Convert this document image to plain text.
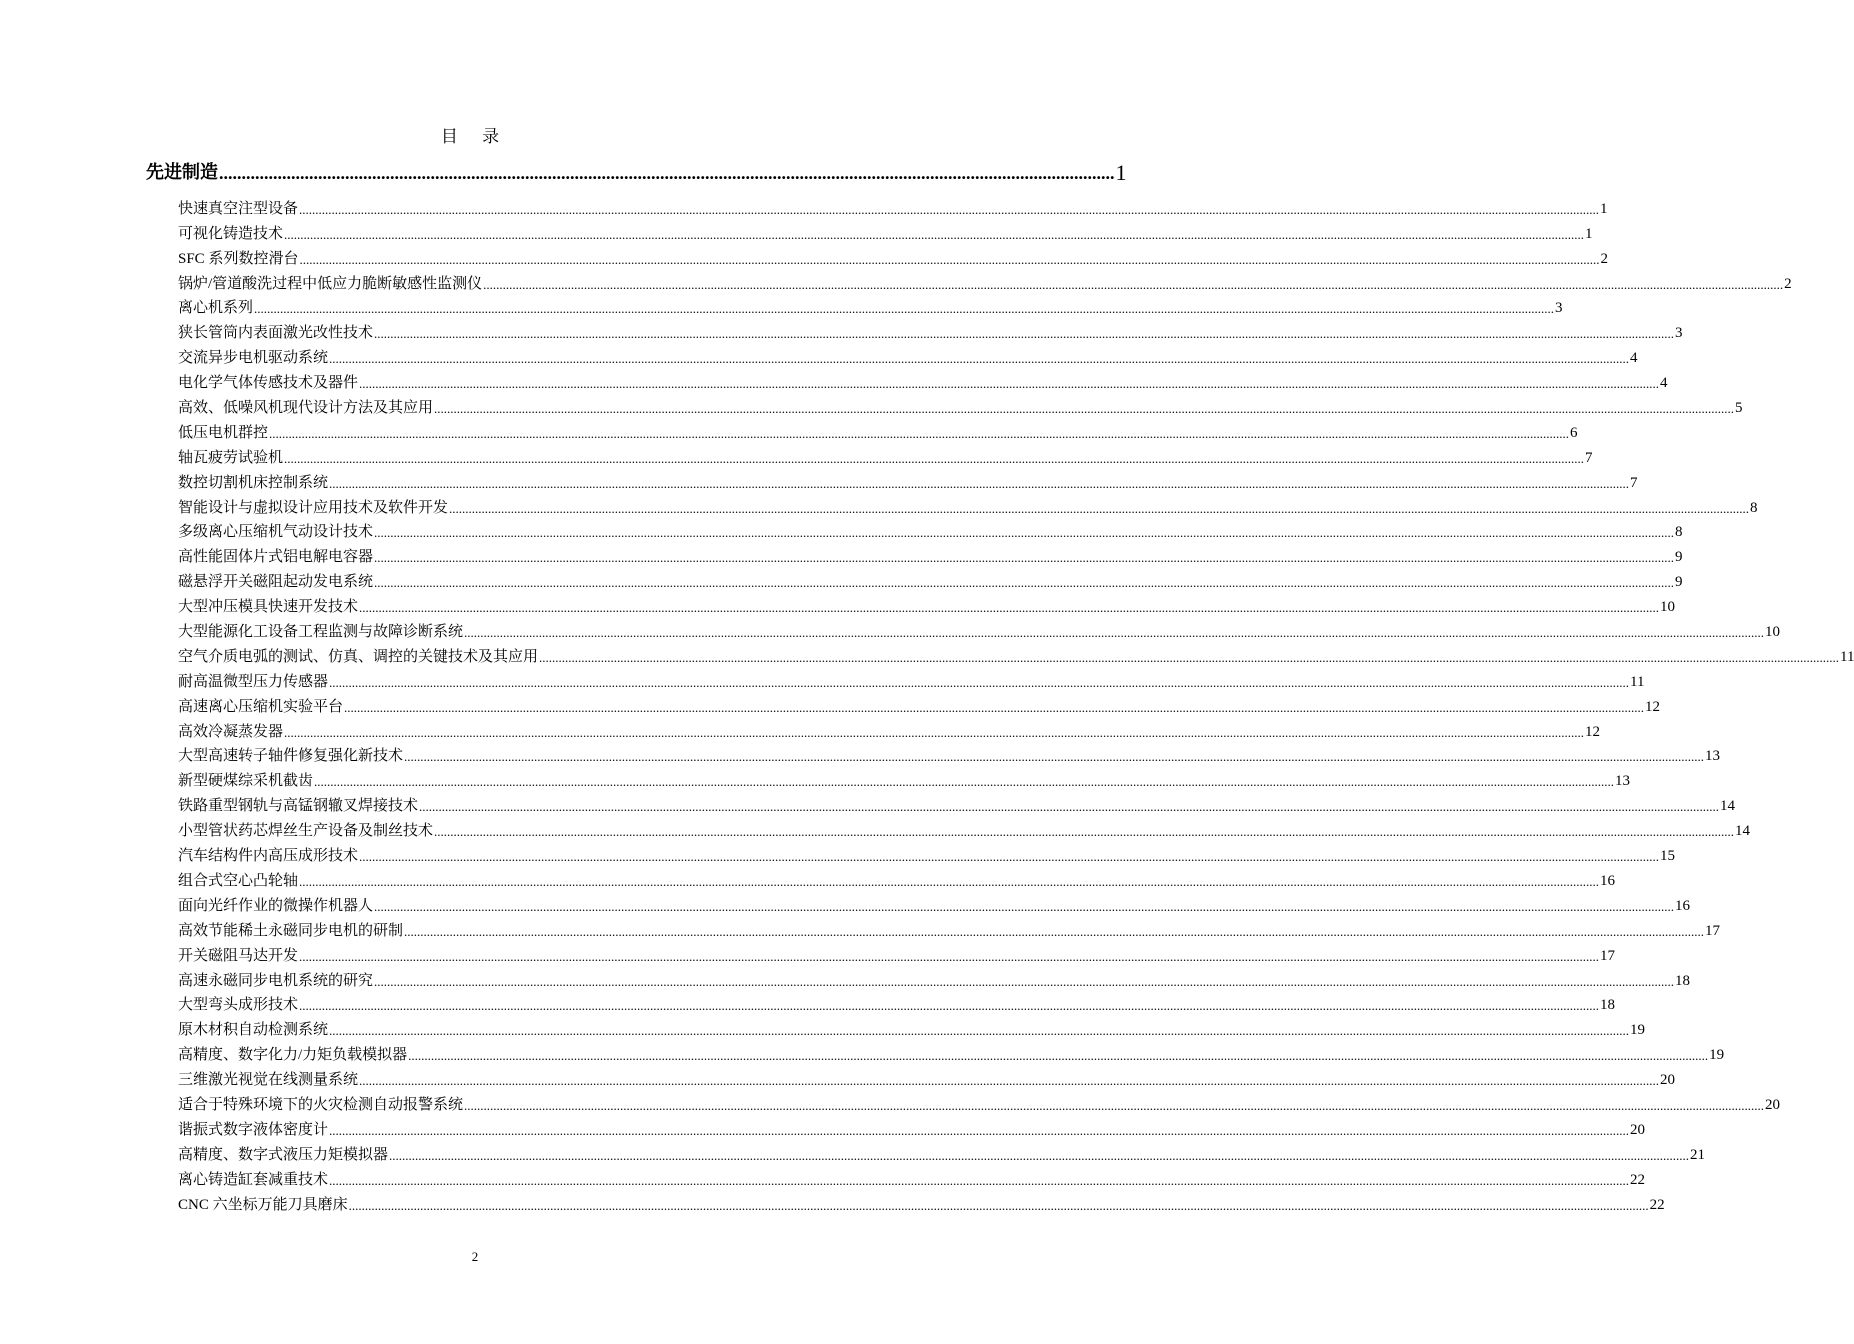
目 录
先进制造 ....................................................................................................................................................................................................... 1
快速真空注型设备 ................................................................................................................................................................................................................................................................................................................................................................................................................ 1
可视化铸造技术 ................................................................................................................................................................................................................................................................................................................................................................................................................ 1
SFC 系列数控滑台 ................................................................................................................................................................................................................................................................................................................................................................................................................ 2
锅炉/管道酸洗过程中低应力脆断敏感性监测仪 ................................................................................................................................................................................................................................................................................................................................................................................................................ 2
离心机系列 ................................................................................................................................................................................................................................................................................................................................................................................................................ 3
狭长管筒内表面激光改性技术 ................................................................................................................................................................................................................................................................................................................................................................................................................ 3
交流异步电机驱动系统 ................................................................................................................................................................................................................................................................................................................................................................................................................ 4
电化学气体传感技术及器件 ................................................................................................................................................................................................................................................................................................................................................................................................................ 4
高效、低噪风机现代设计方法及其应用 ................................................................................................................................................................................................................................................................................................................................................................................................................ 5
低压电机群控 ................................................................................................................................................................................................................................................................................................................................................................................................................ 6
轴瓦疲劳试验机 ................................................................................................................................................................................................................................................................................................................................................................................................................ 7
数控切割机床控制系统 ................................................................................................................................................................................................................................................................................................................................................................................................................ 7
智能设计与虚拟设计应用技术及软件开发 ................................................................................................................................................................................................................................................................................................................................................................................................................ 8
多级离心压缩机气动设计技术 ................................................................................................................................................................................................................................................................................................................................................................................................................ 8
高性能固体片式铝电解电容器 ................................................................................................................................................................................................................................................................................................................................................................................................................ 9
磁悬浮开关磁阻起动发电系统 ................................................................................................................................................................................................................................................................................................................................................................................................................ 9
大型冲压模具快速开发技术 ................................................................................................................................................................................................................................................................................................................................................................................................................ 10
大型能源化工设备工程监测与故障诊断系统 ................................................................................................................................................................................................................................................................................................................................................................................................................ 10
空气介质电弧的测试、仿真、调控的关键技术及其应用 ................................................................................................................................................................................................................................................................................................................................................................................................................ 11
耐高温微型压力传感器 ................................................................................................................................................................................................................................................................................................................................................................................................................ 11
高速离心压缩机实验平台 ................................................................................................................................................................................................................................................................................................................................................................................................................ 12
高效冷凝蒸发器 ................................................................................................................................................................................................................................................................................................................................................................................................................ 12
大型高速转子轴件修复强化新技术 ................................................................................................................................................................................................................................................................................................................................................................................................................ 13
新型硬煤综采机截齿 ................................................................................................................................................................................................................................................................................................................................................................................................................ 13
铁路重型钢轨与高锰钢辙叉焊接技术 ................................................................................................................................................................................................................................................................................................................................................................................................................ 14
小型管状药芯焊丝生产设备及制丝技术 ................................................................................................................................................................................................................................................................................................................................................................................................................ 14
汽车结构件内高压成形技术 ................................................................................................................................................................................................................................................................................................................................................................................................................ 15
组合式空心凸轮轴 ................................................................................................................................................................................................................................................................................................................................................................................................................ 16
面向光纤作业的微操作机器人 ................................................................................................................................................................................................................................................................................................................................................................................................................ 16
高效节能稀土永磁同步电机的研制 ................................................................................................................................................................................................................................................................................................................................................................................................................ 17
开关磁阻马达开发 ................................................................................................................................................................................................................................................................................................................................................................................................................ 17
高速永磁同步电机系统的研究 ................................................................................................................................................................................................................................................................................................................................................................................................................ 18
大型弯头成形技术 ................................................................................................................................................................................................................................................................................................................................................................................................................ 18
原木材积自动检测系统 ................................................................................................................................................................................................................................................................................................................................................................................................................ 19
高精度、数字化力/力矩负载模拟器 ................................................................................................................................................................................................................................................................................................................................................................................................................ 19
三维激光视觉在线测量系统 ................................................................................................................................................................................................................................................................................................................................................................................................................ 20
适合于特殊环境下的火灾检测自动报警系统 ................................................................................................................................................................................................................................................................................................................................................................................................................ 20
谐振式数字液体密度计 ................................................................................................................................................................................................................................................................................................................................................................................................................ 20
高精度、数字式液压力矩模拟器 ................................................................................................................................................................................................................................................................................................................................................................................................................ 21
离心铸造缸套减重技术 ................................................................................................................................................................................................................................................................................................................................................................................................................ 22
CNC 六坐标万能刀具磨床 ................................................................................................................................................................................................................................................................................................................................................................................................................ 22
2
